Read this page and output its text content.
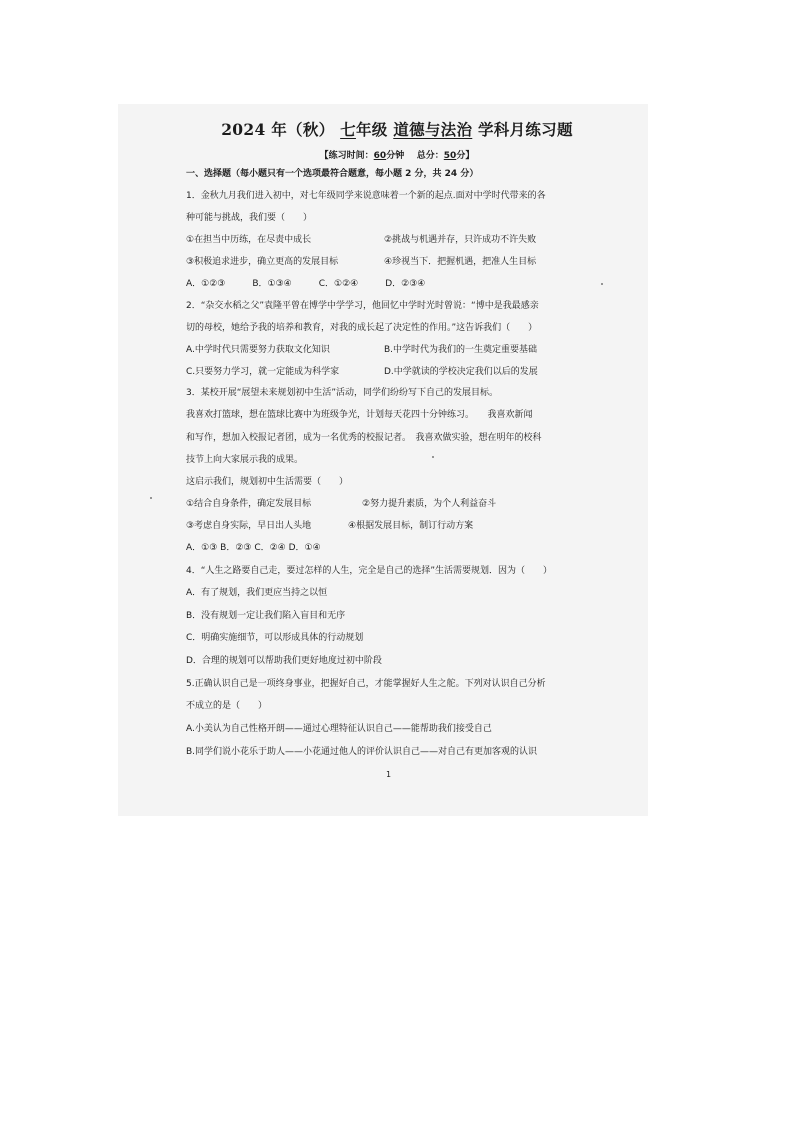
2024 年（秋） 七年级 道德与法治 学科月练习题
【练习时间：60分钟 总分：50分】
一、选择题（每小题只有一个选项最符合题意，每小题 2 分，共 24 分）
1．金秋九月我们进入初中，对七年级同学来说意味着一个新的起点.面对中学时代带来的各
种可能与挑战，我们要（　　）
①在担当中历练，在尽责中成长	②挑战与机遇并存，只许成功不许失败
③积极追求进步，确立更高的发展目标	④珍视当下．把握机遇，把准人生目标
A．①②③　　　B．①③④　　　C．①②④　　　D．②③④
2．“杂交水稻之父”袁隆平曾在博学中学学习，他回忆中学时光时曾说：“博中是我最感亲
切的母校，她给予我的培养和教育，对我的成长起了决定性的作用。”这告诉我们（　　）
A.中学时代只需要努力获取文化知识	B.中学时代为我们的一生奠定重要基础
C.只要努力学习，就一定能成为科学家	D.中学就读的学校决定我们以后的发展
3．某校开展“展望未来规划初中生活”活动，同学们纷纷写下自己的发展目标。
我喜欢打篮球，想在篮球比赛中为班级争光，计划每天花四十分钟练习。　　我喜欢新闻
和写作，想加入校报记者团，成为一名优秀的校报记者。　我喜欢做实验，想在明年的校科
技节上向大家展示我的成果。
这启示我们，规划初中生活需要（　　）
①结合自身条件，确定发展目标	②努力提升素质，为个人利益奋斗
③考虑自身实际，早日出人头地	④根据发展目标，制订行动方案
A．①③ B．②③ C．②④ D．①④
4．“人生之路要自己走，要过怎样的人生，完全是自己的选择”生活需要规划．因为（　　）
A．有了规划，我们更应当持之以恒
B．没有规划一定让我们陷入盲目和无序
C．明确实施细节，可以形成具体的行动规划
D．合理的规划可以帮助我们更好地度过初中阶段
5.正确认识自己是一项终身事业，把握好自己，才能掌握好人生之舵。下列对认识自己分析
不成立的是（　　）
A.小美认为自己性格开朗——通过心理特征认识自己——能帮助我们接受自己
B.同学们说小花乐于助人——小花通过他人的评价认识自己——对自己有更加客观的认识
1
